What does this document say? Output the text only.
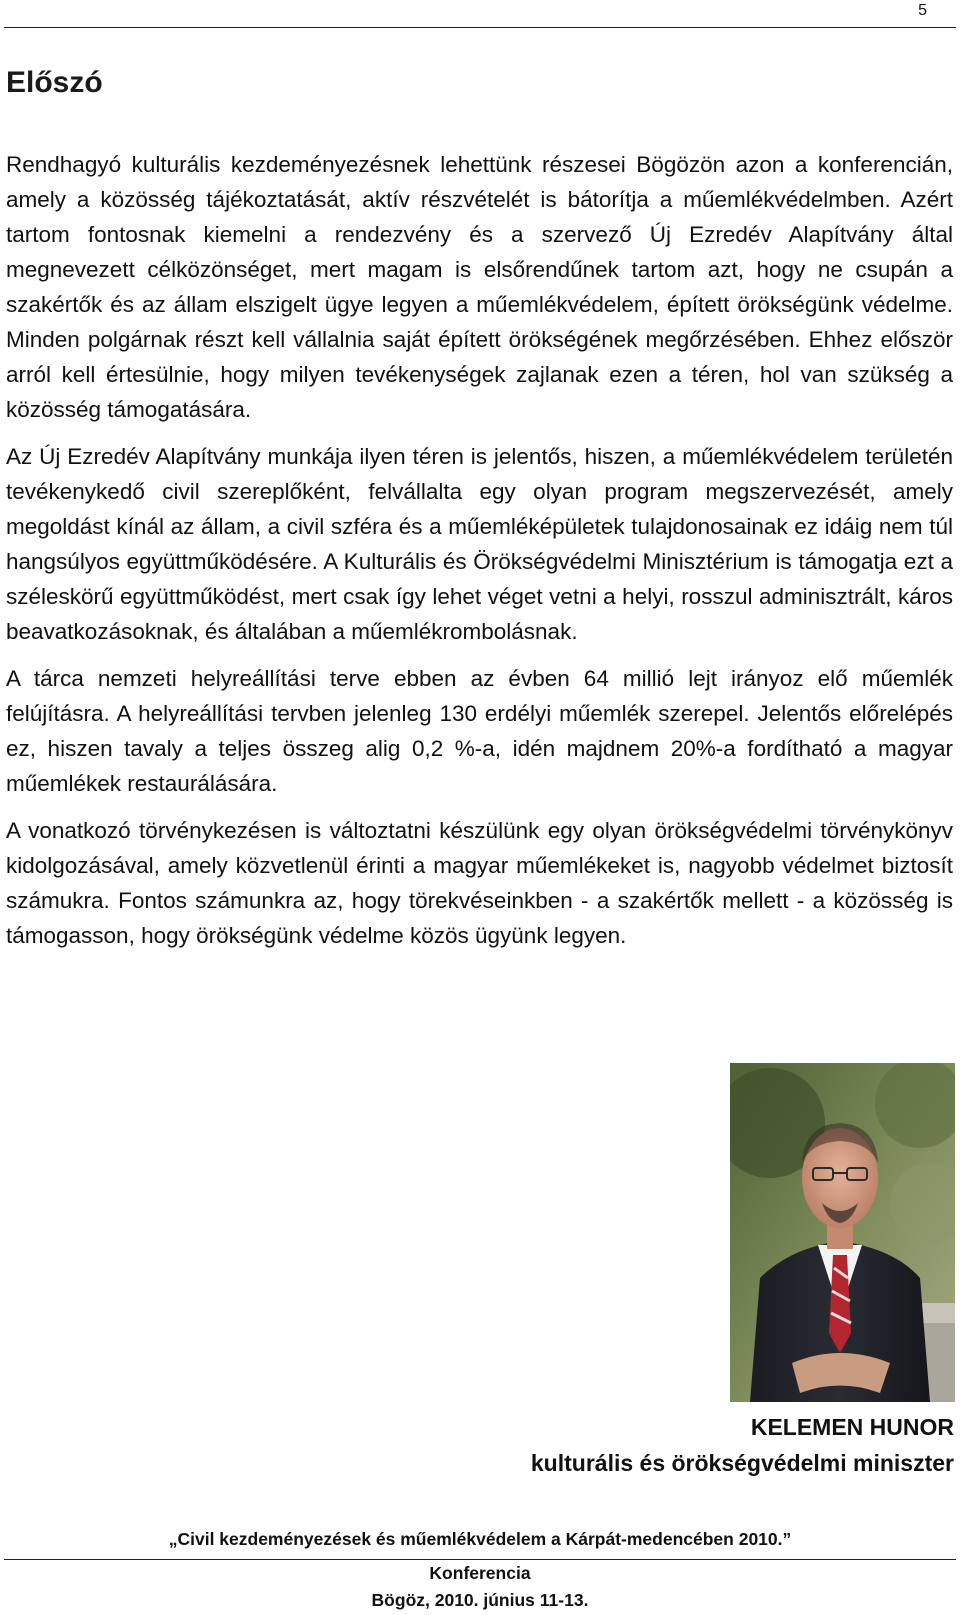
5
Előszó

Rendhagyó kulturális kezdeményezésnek lehettünk részesei Bögözön azon a konferencián, amely a közösség tájékoztatását, aktív részvételét is bátorítja a műemlékvédelmben. Azért tartom fontosnak kiemelni a rendezvény és a szervező Új Ezredév Alapítvány által megnevezett célközönséget, mert magam is elsőrendűnek tartom azt, hogy ne csupán a szakértők és az állam elszigelt ügye legyen a műemlékvédelem, épített örökségünk védelme. Minden polgárnak részt kell vállalnia saját épített örökségének megőrzésében. Ehhez először arról kell értesülnie, hogy milyen tevékenységek zajlanak ezen a téren, hol van szükség a közösség támogatására.

Az Új Ezredév Alapítvány munkája ilyen téren is jelentős, hiszen, a műemlékvédelem területén tevékenykedő civil szereplőként, felvállalta egy olyan program megszervezését, amely megoldást kínál az állam, a civil szféra és a műemléképületek tulajdonosainak ez idáig nem túl hangsúlyos együttműködésére. A Kulturális és Örökségvédelmi Minisztérium is támogatja ezt a széleskörű együttműködést, mert csak így lehet véget vetni a helyi, rosszul adminisztrált, káros beavatkozásoknak, és általában a műemlékrombolásnak.

A tárca nemzeti helyreállítási terve ebben az évben 64 millió lejt irányoz elő műemlék felújításra. A helyreállítási tervben jelenleg 130 erdélyi műemlék szerepel. Jelentős előrelépés ez, hiszen tavaly a teljes összeg alig 0,2 %-a, idén majdnem 20%-a fordítható a magyar műemlékek restaurálására.

A vonatkozó törvénykezésen is változtatni készülünk egy olyan örökségvédelmi törvénykönyv kidolgozásával, amely közvetlenül érinti a magyar műemlékeket is, nagyobb védelmet biztosít számukra. Fontos számunkra az, hogy törekvéseinkben - a szakértők mellett - a közösség is támogasson, hogy örökségünk védelme közös ügyünk legyen.

KELEMEN HUNOR
kulturális és örökségvédelmi miniszter
„Civil kezdeményezések és műemlékvédelem a Kárpát-medencében 2010.”
Konferencia
Bögöz, 2010. június 11-13.
